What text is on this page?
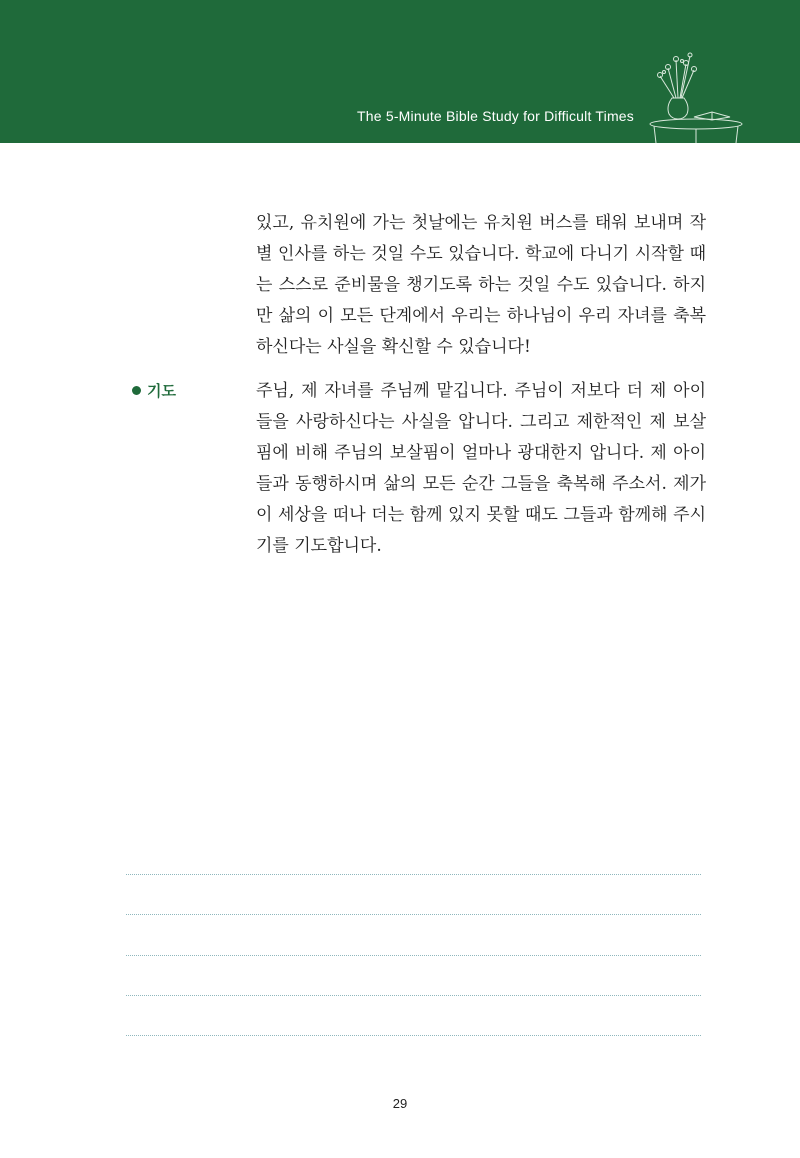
The 5-Minute Bible Study for Difficult Times
있고, 유치원에 가는 첫날에는 유치원 버스를 태워 보내며 작
별 인사를 하는 것일 수도 있습니다. 학교에 다니기 시작할 때
는 스스로 준비물을 챙기도록 하는 것일 수도 있습니다. 하지
만 삶의 이 모든 단계에서 우리는 하나님이 우리 자녀를 축복
하신다는 사실을 확신할 수 있습니다!
기도	주님, 제 자녀를 주님께 맡깁니다. 주님이 저보다 더 제 아이
들을 사랑하신다는 사실을 압니다. 그리고 제한적인 제 보살
핌에 비해 주님의 보살핌이 얼마나 광대한지 압니다. 제 아이
들과 동행하시며 삶의 모든 순간 그들을 축복해 주소서. 제가
이 세상을 떠나 더는 함께 있지 못할 때도 그들과 함께해 주시
기를 기도합니다.
29
